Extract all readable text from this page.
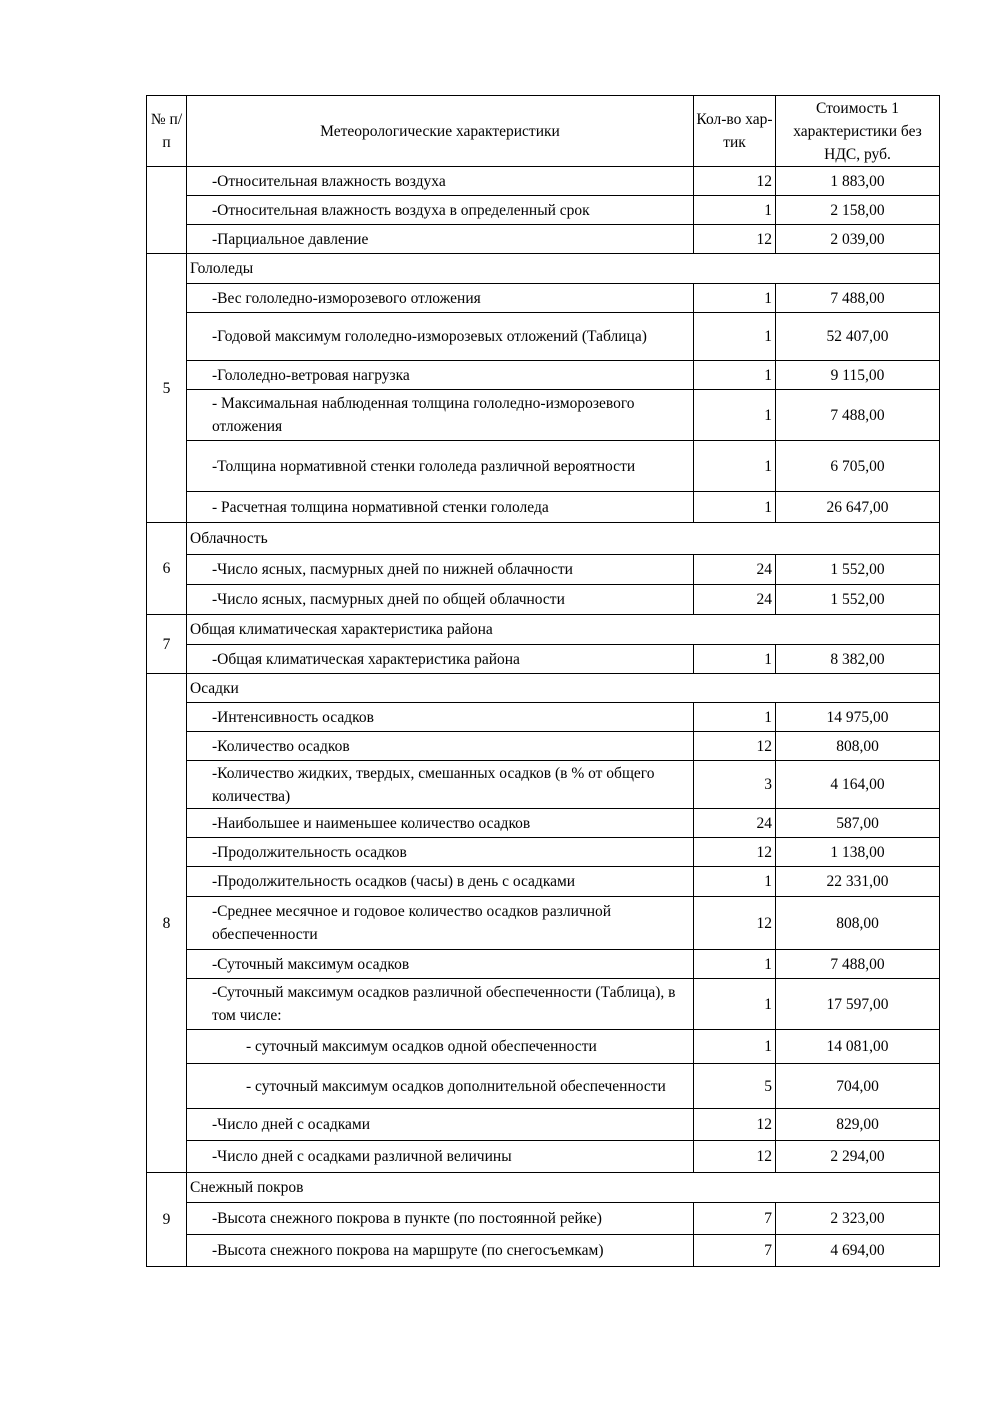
№ п/п	Метеорологические характеристики	Кол-во хар-тик	Стоимость 1 характеристики без НДС, руб.
	-Относительная влажность воздуха	12	1 883,00
	-Относительная влажность воздуха в определенный срок	1	2 158,00
	-Парциальное давление	12	2 039,00
5	Гололеды		
	-Вес гололедно-изморозевого отложения	1	7 488,00
	-Годовой максимум гололедно-изморозевых отложений (Таблица)	1	52 407,00
	-Гололедно-ветровая нагрузка	1	9 115,00
	- Максимальная наблюденная толщина гололедно-изморозевого отложения	1	7 488,00
	-Толщина нормативной стенки гололеда различной вероятности	1	6 705,00
	- Расчетная толщина нормативной стенки гололеда	1	26 647,00
6	Облачность		
	-Число ясных, пасмурных дней по нижней облачности	24	1 552,00
	-Число ясных, пасмурных дней по общей облачности	24	1 552,00
7	Общая климатическая характеристика района		
	-Общая климатическая характеристика района	1	8 382,00
8	Осадки		
	-Интенсивность осадков	1	14 975,00
	-Количество осадков	12	808,00
	-Количество жидких, твердых, смешанных осадков (в % от общего количества)	3	4 164,00
	-Наибольшее и наименьшее количество осадков	24	587,00
	-Продолжительность осадков	12	1 138,00
	-Продолжительность осадков (часы) в день с осадками	1	22 331,00
	-Среднее месячное и годовое количество осадков различной обеспеченности	12	808,00
	-Суточный максимум осадков	1	7 488,00
	-Суточный максимум осадков различной обеспеченности (Таблица), в том числе:	1	17 597,00
	- суточный максимум осадков одной обеспеченности	1	14 081,00
	- суточный максимум осадков дополнительной обеспеченности	5	704,00
	-Число дней с осадками	12	829,00
	-Число дней с осадками различной величины	12	2 294,00
9	Снежный покров		
	-Высота снежного покрова в пункте (по постоянной рейке)	7	2 323,00
	-Высота снежного покрова на маршруте (по снегосъемкам)	7	4 694,00
